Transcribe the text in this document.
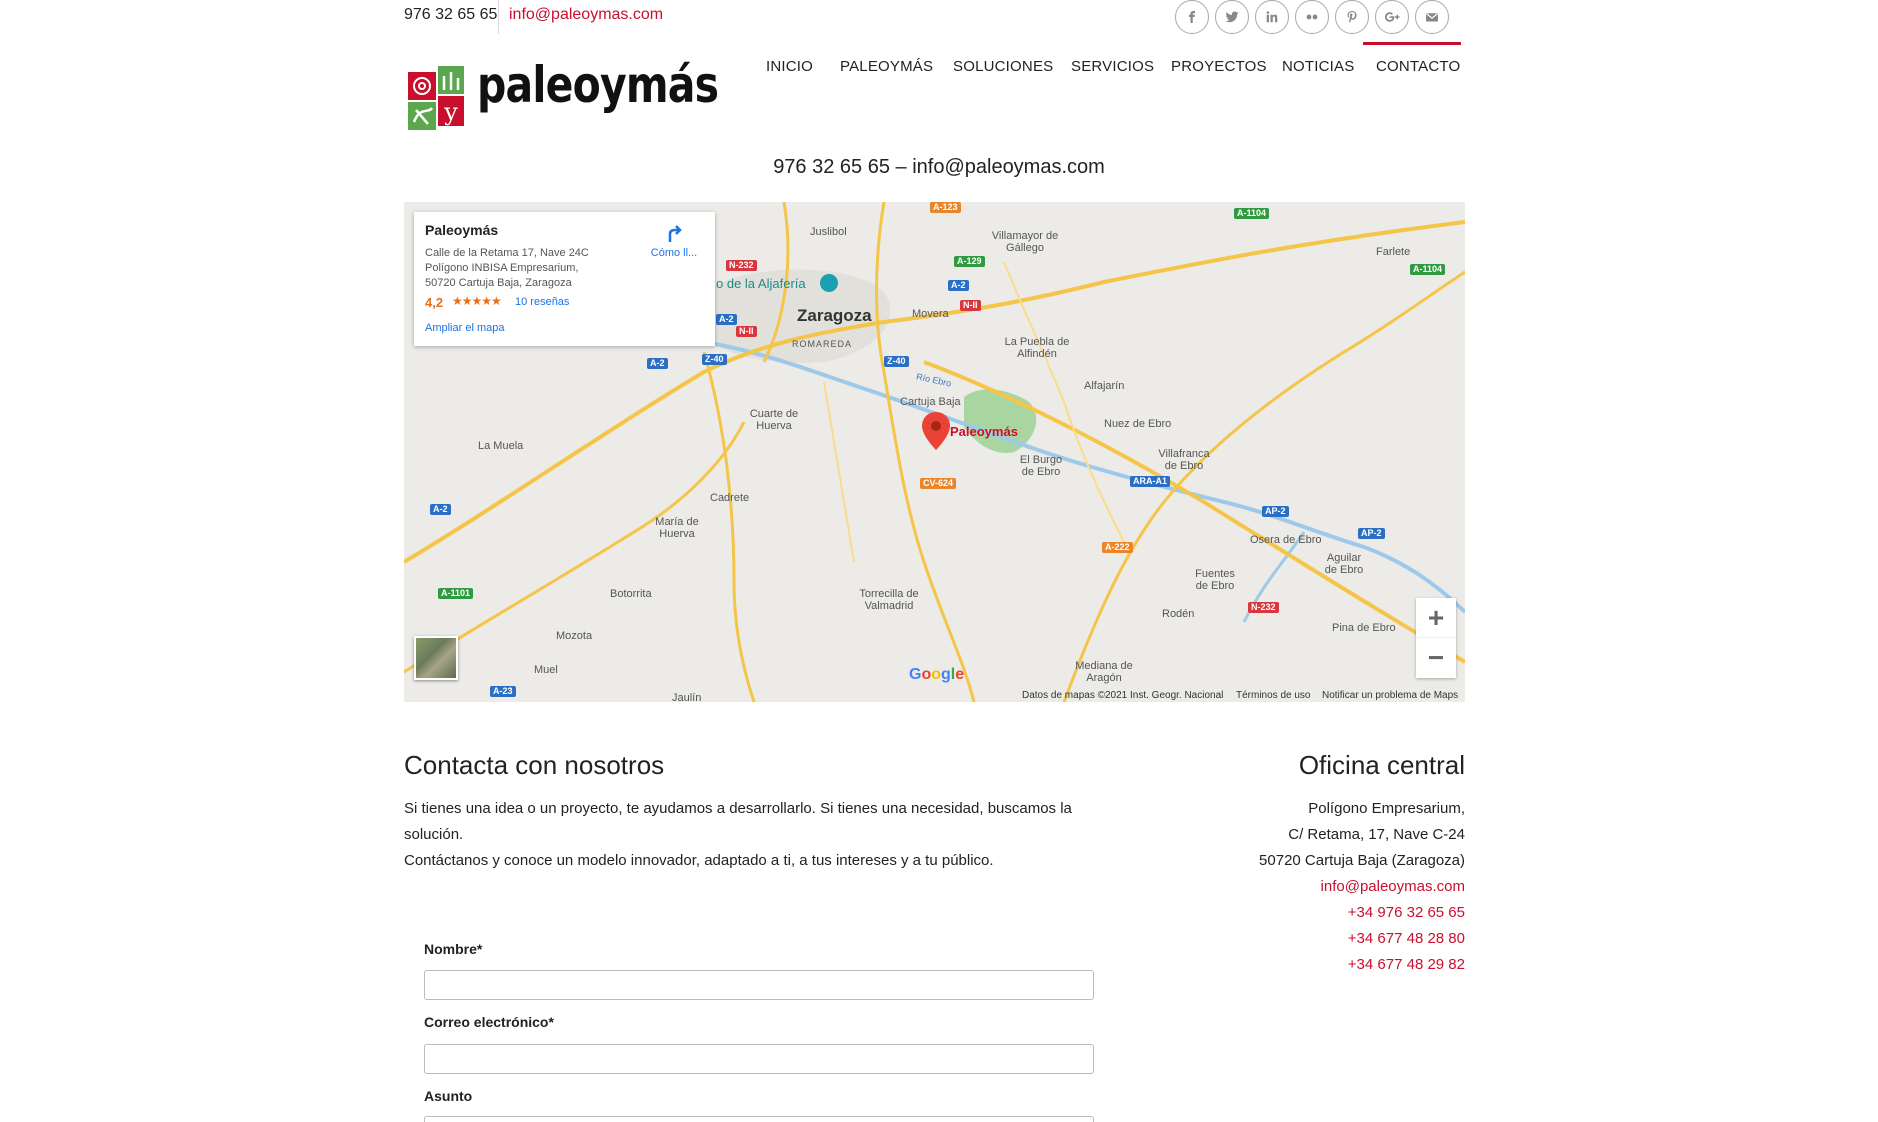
976 32 65 65 info@paleoymas.com
y paleoymás	INICIO PALEOYMÁS SOLUCIONES SERVICIOS PROYECTOS NOTICIAS CONTACTO
976 32 65 65 – info@paleoymas.com
Juslibol	Villamayor de Gállego	Farlete
o de la Aljafería
Zaragoza	Movera
ROMAREDA	La Puebla de Alfindén
Río Ebro	Alfajarín
Cartuja Baja
Cuarte de Huerva	Nuez de Ebro
La Muela
El Burgo de Ebro
Villafranca de Ebro
Cadrete
María de Huerva	Osera de Ebro
Aguilar de Ebro
Botorrita	Torrecilla de Valmadrid
Fuentes de Ebro
Rodén
Pina de Ebro
Mozota
Muel	Mediana de Aragón
Jaulín
A-123
A-1104
A-1104
N-232	A-129
A-2
N-II
A-2
N-II
Z-40
A-2	Z-40
CV-624	ARA-A1
A-2	AP-2
AP-2
A-222
A-1101
N-232
A-23
Paleoymás
Paleoymás
Calle de la Retama 17, Nave 24C
Polígono INBISA Empresarium,
50720 Cartuja Baja, Zaragoza
4,2 ★★★★★ 10 reseñas
Ampliar el mapa
Cómo ll...
+
−
Google
Datos de mapas ©2021 Inst. Geogr. Nacional Términos de uso Notificar un problema de Maps
Contacta con nosotros
Si tienes una idea o un proyecto, te ayudamos a desarrollarlo. Si tienes una necesidad, buscamos la solución.
Contáctanos y conoce un modelo innovador, adaptado a ti, a tus intereses y a tu público.
Oficina central
Polígono Empresarium,
C/ Retama, 17, Nave C-24
50720 Cartuja Baja (Zaragoza)
info@paleoymas.com
+34 976 32 65 65
+34 677 48 28 80
+34 677 48 29 82
Nombre*
Correo electrónico*
Asunto
